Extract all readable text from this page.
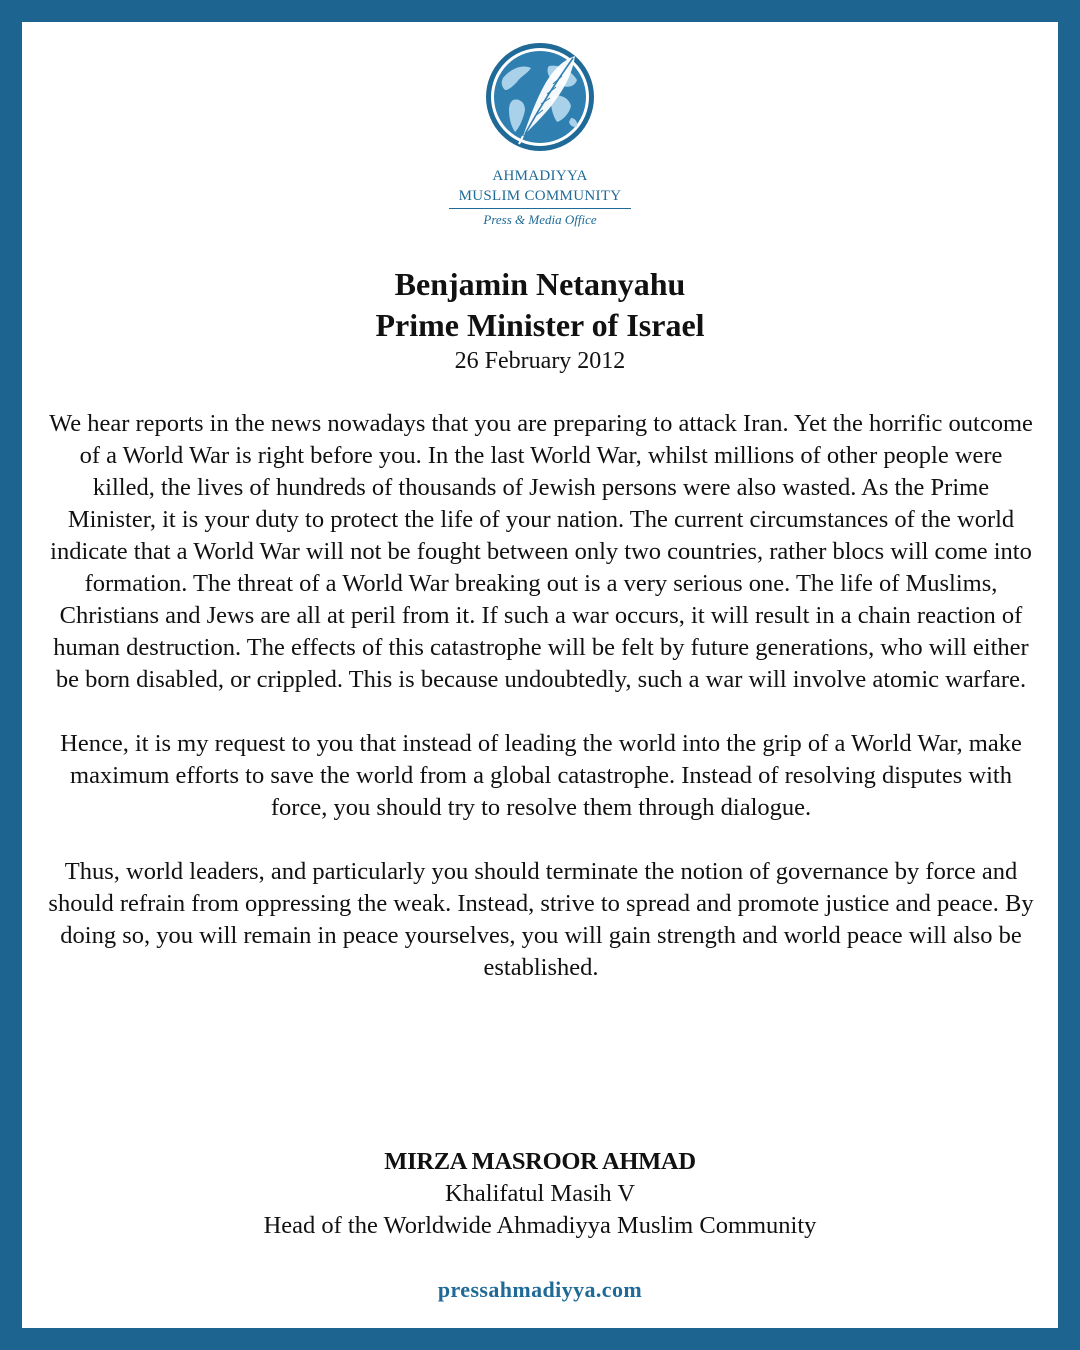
AHMADIYYA
MUSLIM COMMUNITY
Press & Media Office
Benjamin Netanyahu
Prime Minister of Israel
26 February 2012

We hear reports in the news nowadays that you are preparing to attack Iran. Yet the horrific outcome of a World War is right before you. In the last World War, whilst millions of other people were killed, the lives of hundreds of thousands of Jewish persons were also wasted. As the Prime Minister, it is your duty to protect the life of your nation. The current circumstances of the world indicate that a World War will not be fought between only two countries, rather blocs will come into formation. The threat of a World War breaking out is a very serious one. The life of Muslims, Christians and Jews are all at peril from it. If such a war occurs, it will result in a chain reaction of human destruction. The effects of this catastrophe will be felt by future generations, who will either be born disabled, or crippled. This is because undoubtedly, such a war will involve atomic warfare.

Hence, it is my request to you that instead of leading the world into the grip of a World War, make maximum efforts to save the world from a global catastrophe. Instead of resolving disputes with force, you should try to resolve them through dialogue.

Thus, world leaders, and particularly you should terminate the notion of governance by force and should refrain from oppressing the weak. Instead, strive to spread and promote justice and peace. By doing so, you will remain in peace yourselves, you will gain strength and world peace will also be established.

MIRZA MASROOR AHMAD
Khalifatul Masih V
Head of the Worldwide Ahmadiyya Muslim Community
pressahmadiyya.com
